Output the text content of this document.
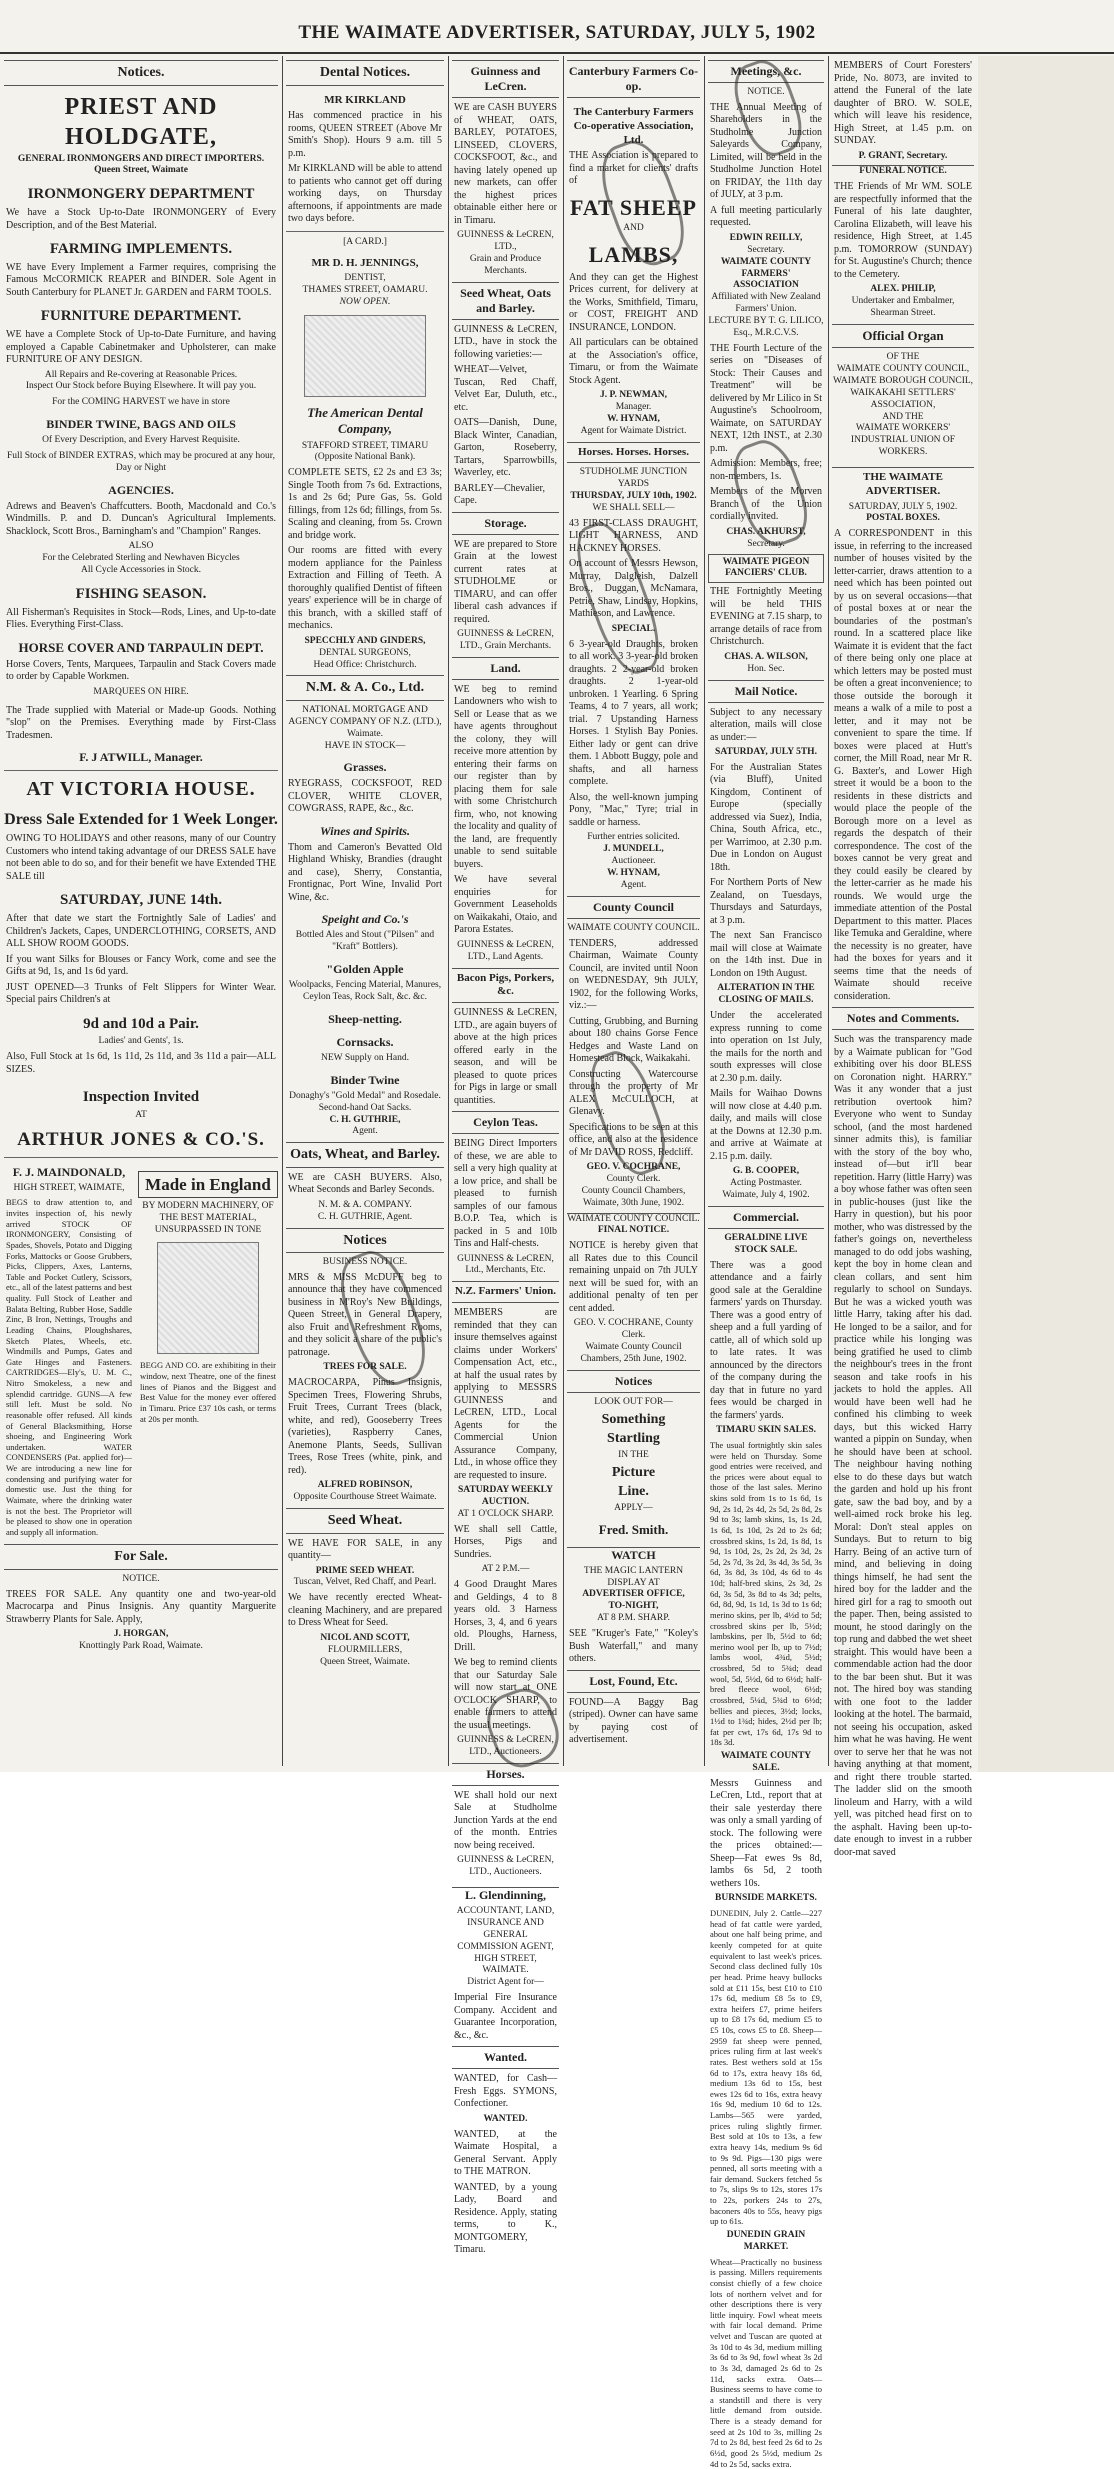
THE WAIMATE ADVERTISER, SATURDAY, JULY 5, 1902
Notices.
PRIEST AND HOLDGATE,
GENERAL IRONMONGERS AND DIRECT IMPORTERS.
Queen Street, Waimate
IRONMONGERY DEPARTMENT
We have a Stock Up-to-Date IRONMONGERY of Every Description, and of the Best Material.
FARMING IMPLEMENTS.
WE have Every Implement a Farmer requires, comprising the Famous McCORMICK REAPER and BINDER. Sole Agent in South Canterbury for PLANET Jr. GARDEN and FARM TOOLS.
FURNITURE DEPARTMENT.
WE have a Complete Stock of Up-to-Date Furniture, and having employed a Capable Cabinetmaker and Upholsterer, can make FURNITURE OF ANY DESIGN.
All Repairs and Re-covering at Reasonable Prices.
Inspect Our Stock before Buying Elsewhere. It will pay you.
For the COMING HARVEST we have in store
BINDER TWINE, BAGS AND OILS
Of Every Description, and Every Harvest Requisite.
Full Stock of BINDER EXTRAS, which may be procured at any hour, Day or Night
AGENCIES.
Adrews and Beaven's Chaffcutters. Booth, Macdonald and Co.'s Windmills. P. and D. Duncan's Agricultural Implements. Shacklock, Scott Bros., Barningham's and "Champion" Ranges.
ALSO
For the Celebrated Sterling and Newhaven Bicycles
All Cycle Accessories in Stock.
FISHING SEASON.
All Fisherman's Requisites in Stock—Rods, Lines, and Up-to-date Flies. Everything First-Class.
HORSE COVER AND TARPAULIN DEPT.
Horse Covers, Tents, Marquees, Tarpaulin and Stack Covers made to order by Capable Workmen.
MARQUEES ON HIRE.
The Trade supplied with Material or Made-up Goods. Nothing "slop" on the Premises. Everything made by First-Class Tradesmen.
F. J ATWILL, Manager.
AT VICTORIA HOUSE.
Dress Sale Extended for 1 Week Longer.
OWING TO HOLIDAYS and other reasons, many of our Country Customers who intend taking advantage of our DRESS SALE have not been able to do so, and for their benefit we have Extended THE SALE till
SATURDAY, JUNE 14th.
After that date we start the Fortnightly Sale of Ladies' and Children's Jackets, Capes, UNDERCLOTHING, CORSETS, AND ALL SHOW ROOM GOODS.
If you want Silks for Blouses or Fancy Work, come and see the Gifts at 9d, 1s, and 1s 6d yard.
JUST OPENED—3 Trunks of Felt Slippers for Winter Wear. Special pairs Children's at
9d and 10d a Pair.
Ladies' and Gents', 1s.
Also, Full Stock at 1s 6d, 1s 11d, 2s 11d, and 3s 11d a pair—ALL SIZES.
Inspection Invited
AT
ARTHUR JONES & CO.'S.
F. J. MAINDONALD,
HIGH STREET, WAIMATE,
BEGS to draw attention to, and invites inspection of, his newly arrived STOCK OF IRONMONGERY, Consisting of Spades, Shovels, Potato and Digging Forks, Mattocks or Goose Grubbers, Picks, Clippers, Axes, Lanterns, Table and Pocket Cutlery, Scissors, etc., all of the latest patterns and best quality. Full Stock of Leather and Balata Belting, Rubber Hose, Saddle Zinc, B Iron, Nettings, Troughs and Leading Chains, Ploughshares, Sketch Plates, Wheels, etc. Windmills and Pumps, Gates and Gate Hinges and Fasteners. CARTRIDGES—Ely's, U. M. C., Nitro Smokeless, a new and splendid cartridge. GUNS—A few still left. Must be sold. No reasonable offer refused. All kinds of General Blacksmithing, Horse shoeing, and Engineering Work undertaken. WATER CONDENSERS (Pat. applied for)—We are introducing a new line for condensing and purifying water for domestic use. Just the thing for Waimate, where the drinking water is not the best. The Proprietor will be pleased to show one in operation and supply all information.
Made in England
BY MODERN MACHINERY, OF THE BEST MATERIAL, UNSURPASSED IN TONE
BEGG AND CO. are exhibiting in their window, next Theatre, one of the finest lines of Pianos and the Biggest and Best Value for the money ever offered in Timaru. Price £37 10s cash, or terms at 20s per month.
For Sale.
NOTICE.
TREES FOR SALE. Any quantity one and two-year-old Macrocarpa and Pinus Insignis. Any quantity Marguerite Strawberry Plants for Sale. Apply,
J. HORGAN,
Knottingly Park Road, Waimate.
Dental Notices.
MR KIRKLAND
Has commenced practice in his rooms, QUEEN STREET (Above Mr Smith's Shop). Hours 9 a.m. till 5 p.m.
Mr KIRKLAND will be able to attend to patients who cannot get off during working days, on Thursday afternoons, if appointments are made two days before.
[A CARD.]
MR D. H. JENNINGS,
DENTIST,
THAMES STREET, OAMARU.
NOW OPEN.
The American Dental Company,
STAFFORD STREET, TIMARU (Opposite National Bank).
COMPLETE SETS, £2 2s and £3 3s; Single Tooth from 7s 6d. Extractions, 1s and 2s 6d; Pure Gas, 5s. Gold fillings, from 12s 6d; fillings, from 5s. Scaling and cleaning, from 5s. Crown and bridge work.
Our rooms are fitted with every modern appliance for the Painless Extraction and Filling of Teeth. A thoroughly qualified Dentist of fifteen years' experience will be in charge of this branch, with a skilled staff of mechanics.
SPECCHLY AND GINDERS,
DENTAL SURGEONS,
Head Office: Christchurch.
N.M. & A. Co., Ltd.
NATIONAL MORTGAGE AND AGENCY COMPANY OF N.Z. (LTD.), Waimate.
HAVE IN STOCK—
Grasses.
RYEGRASS, COCKSFOOT, RED CLOVER, WHITE CLOVER, COWGRASS, RAPE, &c., &c.
Wines and Spirits.
Thom and Cameron's Bevatted Old Highland Whisky, Brandies (draught and case), Sherry, Constantia, Frontignac, Port Wine, Invalid Port Wine, &c.
Speight and Co.'s
Bottled Ales and Stout ("Pilsen" and "Kraft" Bottlers).
"Golden Apple
Woolpacks, Fencing Material, Manures, Ceylon Teas, Rock Salt, &c. &c.
Sheep-netting.
Cornsacks.
NEW Supply on Hand.
Binder Twine
Donaghy's "Gold Medal" and Rosedale.
Second-hand Oat Sacks.
C. H. GUTHRIE,
Agent.
Oats, Wheat, and Barley.
WE are CASH BUYERS. Also, Wheat Seconds and Barley Seconds.
N. M. & A. COMPANY.
C. H. GUTHRIE, Agent.
Notices
BUSINESS NOTICE.
MRS & MISS McDUFF beg to announce that they have commenced business in M'Roy's New Buildings, Queen Street, in General Drapery, also Fruit and Refreshment Rooms, and they solicit a share of the public's patronage.
TREES FOR SALE.
MACROCARPA, Pinus Insignis, Specimen Trees, Flowering Shrubs, Fruit Trees, Currant Trees (black, white, and red), Gooseberry Trees (varieties), Raspberry Canes, Anemone Plants, Seeds, Sullivan Trees, Rose Trees (white, pink, and red).
ALFRED ROBINSON,
Opposite Courthouse Street Waimate.
Seed Wheat.
WE HAVE FOR SALE, in any quantity—
PRIME SEED WHEAT.
Tuscan, Velvet, Red Chaff, and Pearl.
We have recently erected Wheat-cleaning Machinery, and are prepared to Dress Wheat for Seed.
NICOL AND SCOTT,
FLOURMILLERS,
Queen Street, Waimate.
Guinness and LeCren.
WE are CASH BUYERS of WHEAT, OATS, BARLEY, POTATOES, LINSEED, CLOVERS, COCKSFOOT, &c., and having lately opened up new markets, can offer the highest prices obtainable either here or in Timaru.
GUINNESS & LeCREN, LTD.,
Grain and Produce Merchants.
Seed Wheat, Oats and Barley.
GUINNESS & LeCREN, LTD., have in stock the following varieties:—
WHEAT—Velvet, Tuscan, Red Chaff, Velvet Ear, Duluth, etc., etc.
OATS—Danish, Dune, Black Winter, Canadian, Garton, Roseberry, Tartars, Sparrowbills, Waverley, etc.
BARLEY—Chevalier, Cape.
Storage.
WE are prepared to Store Grain at the lowest current rates at STUDHOLME or TIMARU, and can offer liberal cash advances if required.
GUINNESS & LeCREN, LTD., Grain Merchants.
Land.
WE beg to remind Landowners who wish to Sell or Lease that as we have agents throughout the colony, they will receive more attention by entering their farms on our register than by placing them for sale with some Christchurch firm, who, not knowing the locality and quality of the land, are frequently unable to send suitable buyers.
We have several enquiries for Government Leaseholds on Waikakahi, Otaio, and Parora Estates.
GUINNESS & LeCREN, LTD., Land Agents.
Bacon Pigs, Porkers, &c.
GUINNESS & LeCREN, LTD., are again buyers of above at the high prices offered early in the season, and will be pleased to quote prices for Pigs in large or small quantities.
Ceylon Teas.
BEING Direct Importers of these, we are able to sell a very high quality at a low price, and shall be pleased to furnish samples of our famous B.O.P. Tea, which is packed in 5 and 10lb Tins and Half-chests.
GUINNESS & LeCREN, Ltd., Merchants, Etc.
N.Z. Farmers' Union.
MEMBERS are reminded that they can insure themselves against claims under Workers' Compensation Act, etc., at half the usual rates by applying to MESSRS GUINNESS and LeCREN, LTD., Local Agents for the Commercial Union Assurance Company, Ltd., in whose office they are requested to insure.
SATURDAY WEEKLY AUCTION.
AT 1 O'CLOCK SHARP.
WE shall sell Cattle, Horses, Pigs and Sundries.
AT 2 P.M.—
4 Good Draught Mares and Geldings, 4 to 8 years old. 3 Harness Horses, 3, 4, and 6 years old. Ploughs, Harness, Drill.
We beg to remind clients that our Saturday Sale will now start at ONE O'CLOCK SHARP, to enable farmers to attend the usual meetings.
GUINNESS & LeCREN, LTD., Auctioneers.
Horses.
WE shall hold our next Sale at Studholme Junction Yards at the end of the month. Entries now being received.
GUINNESS & LeCREN, LTD., Auctioneers.
L. Glendinning,
ACCOUNTANT, LAND, INSURANCE AND GENERAL COMMISSION AGENT,
HIGH STREET, WAIMATE.
District Agent for—
Imperial Fire Insurance Company. Accident and Guarantee Incorporation, &c., &c.
Wanted.
WANTED, for Cash—Fresh Eggs. SYMONS, Confectioner.
WANTED.
WANTED, at the Waimate Hospital, a General Servant. Apply to THE MATRON.
WANTED, by a young Lady, Board and Residence. Apply, stating terms, to K., MONTGOMERY, Timaru.
Canterbury Farmers Co-op.
The Canterbury Farmers Co-operative Association, Ltd.
THE Association is prepared to find a market for clients' drafts of
FAT SHEEP
AND
LAMBS,
And they can get the Highest Prices current, for delivery at the Works, Smithfield, Timaru, or COST, FREIGHT AND INSURANCE, LONDON.
All particulars can be obtained at the Association's office, Timaru, or from the Waimate Stock Agent.
J. P. NEWMAN,
Manager.
W. HYNAM,
Agent for Waimate District.
Horses. Horses. Horses.
STUDHOLME JUNCTION YARDS
THURSDAY, JULY 10th, 1902.
WE SHALL SELL—
43 FIRST-CLASS DRAUGHT, LIGHT HARNESS, AND HACKNEY HORSES.
On account of Messrs Hewson, Murray, Dalgleish, Dalzell Bros., Duggan, McNamara, Petrie, Shaw, Lindsay, Hopkins, Mathieson, and Lawrence.
SPECIAL.
6 3-year-old Draughts, broken to all work. 3 3-year-old broken draughts. 2 2-year-old broken draughts. 2 1-year-old unbroken. 1 Yearling. 6 Spring Teams, 4 to 7 years, all work; trial. 7 Upstanding Harness Horses. 1 Stylish Bay Ponies. Either lady or gent can drive them. 1 Abbott Buggy, pole and shafts, and all harness complete.
Also, the well-known jumping Pony, "Mac," Tyre; trial in saddle or harness.
Further entries solicited.
J. MUNDELL,
Auctioneer.
W. HYNAM,
Agent.
County Council
WAIMATE COUNTY COUNCIL.
TENDERS, addressed Chairman, Waimate County Council, are invited until Noon on WEDNESDAY, 9th JULY, 1902, for the following Works, viz.:—
Cutting, Grubbing, and Burning about 180 chains Gorse Fence Hedges and Waste Land on Homestead Block, Waikakahi.
Constructing Watercourse through the property of Mr ALEX McCULLOCH, at Glenavy.
Specifications to be seen at this office, and also at the residence of Mr DAVID ROSS, Redcliff.
GEO. V. COCHRANE,
County Clerk.
County Council Chambers, Waimate, 30th June, 1902.
WAIMATE COUNTY COUNCIL.
FINAL NOTICE.
NOTICE is hereby given that all Rates due to this Council remaining unpaid on 7th JULY next will be sued for, with an additional penalty of ten per cent added.
GEO. V. COCHRANE, County Clerk.
Waimate County Council Chambers, 25th June, 1902.
Notices
LOOK OUT FOR—
Something
Startling
IN THE
Picture
Line.
APPLY—
Fred. Smith.
WATCH
THE MAGIC LANTERN DISPLAY AT
ADVERTISER OFFICE,
TO-NIGHT,
AT 8 P.M. SHARP.
SEE "Kruger's Fate," "Koley's Bush Waterfall," and many others.
Lost, Found, Etc.
FOUND—A Baggy Bag (striped). Owner can have same by paying cost of advertisement.
Meetings, &c.
NOTICE.
THE Annual Meeting of Shareholders in the Studholme Junction Saleyards Company, Limited, will be held in the Studholme Junction Hotel on FRIDAY, the 11th day of JULY, at 3 p.m.
A full meeting particularly requested.
EDWIN REILLY,
Secretary.
WAIMATE COUNTY FARMERS' ASSOCIATION
Affiliated with New Zealand Farmers' Union.
LECTURE BY T. G. LILICO, Esq., M.R.C.V.S.
THE Fourth Lecture of the series on "Diseases of Stock: Their Causes and Treatment" will be delivered by Mr Lilico in St Augustine's Schoolroom, Waimate, on SATURDAY NEXT, 12th INST., at 2.30 p.m.
Admission: Members, free; non-members, 1s.
Members of the Morven Branch of the Union cordially invited.
CHAS. AKHURST,
Secretary.
WAIMATE PIGEON FANCIERS' CLUB.
THE Fortnightly Meeting will be held THIS EVENING at 7.15 sharp, to arrange details of race from Christchurch.
CHAS. A. WILSON,
Hon. Sec.
Mail Notice.
Subject to any necessary alteration, mails will close as under:—
SATURDAY, JULY 5TH.
For the Australian States (via Bluff), United Kingdom, Continent of Europe (specially addressed via Suez), India, China, South Africa, etc., per Warrimoo, at 2.30 p.m. Due in London on August 18th.
For Northern Ports of New Zealand, on Tuesdays, Thursdays and Saturdays, at 3 p.m.
The next San Francisco mail will close at Waimate on the 14th inst. Due in London on 19th August.
ALTERATION IN THE CLOSING OF MAILS.
Under the accelerated express running to come into operation on 1st July, the mails for the north and south expresses will close at 2.30 p.m. daily.
Mails for Waihao Downs will now close at 4.40 p.m. daily, and mails will close at the Downs at 12.30 p.m. and arrive at Waimate at 2.15 p.m. daily.
G. B. COOPER,
Acting Postmaster.
Waimate, July 4, 1902.
Commercial.
GERALDINE LIVE STOCK SALE.
There was a good attendance and a fairly good sale at the Geraldine farmers' yards on Thursday. There was a good entry of sheep and a full yarding of cattle, all of which sold up to late rates. It was announced by the directors of the company during the day that in future no yard fees would be charged in the farmers' yards.
TIMARU SKIN SALES.
The usual fortnightly skin sales were held on Thursday. Some good entries were received, and the prices were about equal to those of the last sales. Merino skins sold from 1s to 1s 6d, 1s 9d, 2s 1d, 2s 4d, 2s 5d, 2s 8d, 2s 9d to 3s; lamb skins, 1s, 1s 2d, 1s 6d, 1s 10d, 2s 2d to 2s 6d; crossbred skins, 1s 2d, 1s 8d, 1s 9d, 1s 10d, 2s, 2s 2d, 2s 3d, 2s 5d, 2s 7d, 3s 2d, 3s 4d, 3s 5d, 3s 6d, 3s 8d, 3s 10d, 4s 6d to 4s 10d; half-bred skins, 2s 3d, 2s 6d, 3s 5d, 3s 8d to 4s 3d; pelts, 6d, 8d, 9d, 1s 1d, 1s 3d to 1s 6d; merino skins, per lb, 4½d to 5d; crossbred skins per lb, 5½d; lambskins, per lb, 5½d to 6d; merino wool per lb, up to 7½d; lambs wool, 4¾d, 5½d; crossbred, 5d to 5¾d; dead wool, 5d, 5½d, 6d to 6½d; half-bred fleece wool, 6½d; crossbred, 5¼d, 5¾d to 6½d; bellies and pieces, 3½d; locks, 1½d to 1¾d; hides, 2½d per lb; fat per cwt, 17s 6d, 17s 9d to 18s 3d.
WAIMATE COUNTY SALE.
Messrs Guinness and LeCren, Ltd., report that at their sale yesterday there was only a small yarding of stock. The following were the prices obtained:— Sheep—Fat ewes 9s 8d, lambs 6s 5d, 2 tooth wethers 10s.
BURNSIDE MARKETS.
DUNEDIN, July 2. Cattle—227 head of fat cattle were yarded, about one half being prime, and keenly competed for at quite equivalent to last week's prices. Second class declined fully 10s per head. Prime heavy bullocks sold at £11 15s, best £10 to £10 17s 6d, medium £8 5s to £9, extra heifers £7, prime heifers up to £8 17s 6d, medium £5 to £5 10s, cows £5 to £8. Sheep—2959 fat sheep were penned, prices ruling firm at last week's rates. Best wethers sold at 15s 6d to 17s, extra heavy 18s 6d, medium 13s 6d to 15s, best ewes 12s 6d to 16s, extra heavy 16s 9d, medium 10 6d to 12s. Lambs—565 were yarded, prices ruling slightly firmer. Best sold at 10s to 13s, a few extra heavy 14s, medium 9s 6d to 9s 9d. Pigs—130 pigs were penned, all sorts meeting with a fair demand. Suckers fetched 5s to 7s, slips 9s to 12s, stores 17s to 22s, porkers 24s to 27s, baconers 40s to 55s, heavy pigs up to 61s.
DUNEDIN GRAIN MARKET.
Wheat—Practically no business is passing. Millers requirements consist chiefly of a few choice lots of northern velvet and for other descriptions there is very little inquiry. Fowl wheat meets with fair local demand. Prime velvet and Tuscan are quoted at 3s 10d to 4s 3d, medium milling 3s 6d to 3s 9d, fowl wheat 3s 2d to 3s 3d, damaged 2s 6d to 2s 11d, sacks extra. Oats—Business seems to have come to a standstill and there is very little demand from outside. There is a steady demand for seed at 2s 10d to 3s, milling 2s 7d to 2s 8d, best feed 2s 6d to 2s 6½d, good 2s 5½d, medium 2s 4d to 2s 5d, sacks extra.
MEMBERS of Court Foresters' Pride, No. 8073, are invited to attend the Funeral of the late daughter of BRO. W. SOLE, which will leave his residence, High Street, at 1.45 p.m. on SUNDAY.
P. GRANT, Secretary.
FUNERAL NOTICE.
THE Friends of Mr WM. SOLE are respectfully informed that the Funeral of his late daughter, Carolina Elizabeth, will leave his residence, High Street, at 1.45 p.m. TOMORROW (SUNDAY) for St. Augustine's Church; thence to the Cemetery.
ALEX. PHILIP,
Undertaker and Embalmer, Shearman Street.
Official Organ
OF THE
WAIMATE COUNTY COUNCIL,
WAIMATE BOROUGH COUNCIL,
WAIKAKAHI SETTLERS' ASSOCIATION,
AND THE
WAIMATE WORKERS' INDUSTRIAL UNION OF WORKERS.
THE WAIMATE ADVERTISER.
SATURDAY, JULY 5, 1902.
POSTAL BOXES.
A CORRESPONDENT in this issue, in referring to the increased number of houses visited by the letter-carrier, draws attention to a need which has been pointed out by us on several occasions—that of postal boxes at or near the boundaries of the postman's round. In a scattered place like Waimate it is evident that the fact of there being only one place at which letters may be posted must be often a great inconvenience; to those outside the borough it means a walk of a mile to post a letter, and it may not be convenient to spare the time. If boxes were placed at Hutt's corner, the Mill Road, near Mr R. G. Baxter's, and Lower High street it would be a boon to the residents in these districts and would place the people of the Borough more on a level as regards the despatch of their correspondence. The cost of the boxes cannot be very great and they could easily be cleared by the letter-carrier as he made his rounds. We would urge the immediate attention of the Postal Department to this matter. Places like Temuka and Geraldine, where the necessity is no greater, have had the boxes for years and it seems time that the needs of Waimate should receive consideration.
Notes and Comments.
Such was the transparency made by a Waimate publican for "God exhibiting over his door BLESS on Coronation night. HARRY." Was it any wonder that a just retribution overtook him? Everyone who went to Sunday school, (and the most hardened sinner admits this), is familiar with the story of the boy who, instead of—but it'll bear repetition. Harry (little Harry) was a boy whose father was often seen in public-houses (just like the Harry in question), but his poor mother, who was distressed by the father's goings on, nevertheless managed to do odd jobs washing, kept the boy in home clean and clean collars, and sent him regularly to school on Sundays. But he was a wicked youth was little Harry, taking after his dad. He longed to be a sailor, and for practice while his longing was being gratified he used to climb the neighbour's trees in the front season and take roofs in his jackets to hold the apples. All would have been well had he confined his climbing to week days, but this wicked Harry wanted a pippin on Sunday, when he should have been at school. The neighbour having nothing else to do these days but watch the garden and hold up his front gate, saw the bad boy, and by a well-aimed rock broke his leg. Moral: Don't steal apples on Sundays. But to return to big Harry. Being of an active turn of mind, and believing in doing things himself, he had sent the hired boy for the ladder and the hired girl for a rag to smooth out the paper. Then, being assisted to mount, he stood daringly on the top rung and dabbed the wet sheet straight. This would have been a commendable action had the door to the bar been shut. But it was not. The hired boy was standing with one foot to the ladder looking at the hotel. The barmaid, not seeing his occupation, asked him what he was having. He went over to serve her that he was not having anything at that moment, and right there trouble started. The ladder slid on the smooth linoleum and Harry, with a wild yell, was pitched head first on to the asphalt. Having been up-to-date enough to invest in a rubber door-mat saved
